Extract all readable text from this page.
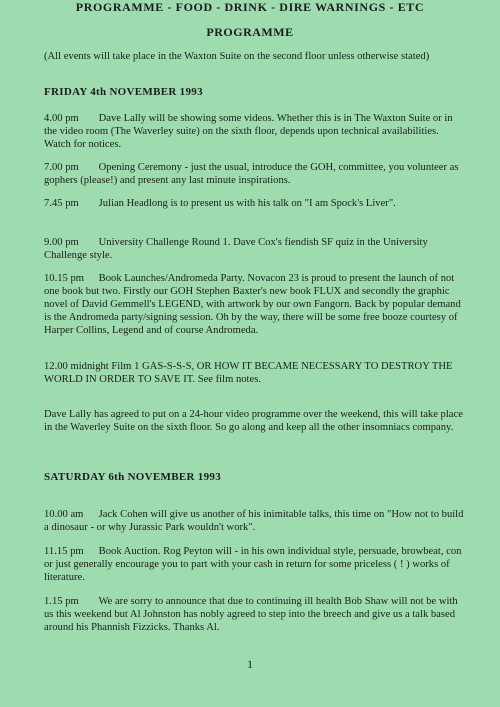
PROGRAMME - FOOD - DRINK - DIRE WARNINGS - ETC
PROGRAMME
(All events will take place in the Waxton Suite on the second floor unless otherwise stated)
FRIDAY 4th NOVEMBER 1993

4.00 pm Dave Lally will be showing some videos. Whether this is in The Waxton Suite or in the video room (The Waverley suite) on the sixth floor, depends upon technical availabilities. Watch for notices.

7.00 pm Opening Ceremony - just the usual, introduce the GOH, committee, you volunteer as gophers (please!) and present any last minute inspirations.

7.45 pm Julian Headlong is to present us with his talk on "I am Spock's Liver".

9.00 pm University Challenge Round 1. Dave Cox's fiendish SF quiz in the University Challenge style.

10.15 pm Book Launches/Andromeda Party. Novacon 23 is proud to present the launch of not one book but two. Firstly our GOH Stephen Baxter's new book FLUX and secondly the graphic novel of David Gemmell's LEGEND, with artwork by our own Fangorn. Back by popular demand is the Andromeda party/signing session. Oh by the way, there will be some free booze courtesy of Harper Collins, Legend and of course Andromeda.

12.00 midnight Film 1 GAS-S-S-S, OR HOW IT BECAME NECESSARY TO DESTROY THE WORLD IN ORDER TO SAVE IT. See film notes.

Dave Lally has agreed to put on a 24-hour video programme over the weekend, this will take place in the Waverley Suite on the sixth floor. So go along and keep all the other insomniacs company.
SATURDAY 6th NOVEMBER 1993

10.00 am Jack Cohen will give us another of his inimitable talks, this time on "How not to build a dinosaur - or why Jurassic Park wouldn't work".

11.15 pm Book Auction. Rog Peyton will - in his own individual style, persuade, browbeat, con or just generally encourage you to part with your cash in return for some priceless ( ! ) works of literature.

1.15 pm We are sorry to announce that due to continuing ill health Bob Shaw will not be with us this weekend but Al Johnston has nobly agreed to step into the breech and give us a talk based around his Phannish Fizzicks. Thanks Al.

1
